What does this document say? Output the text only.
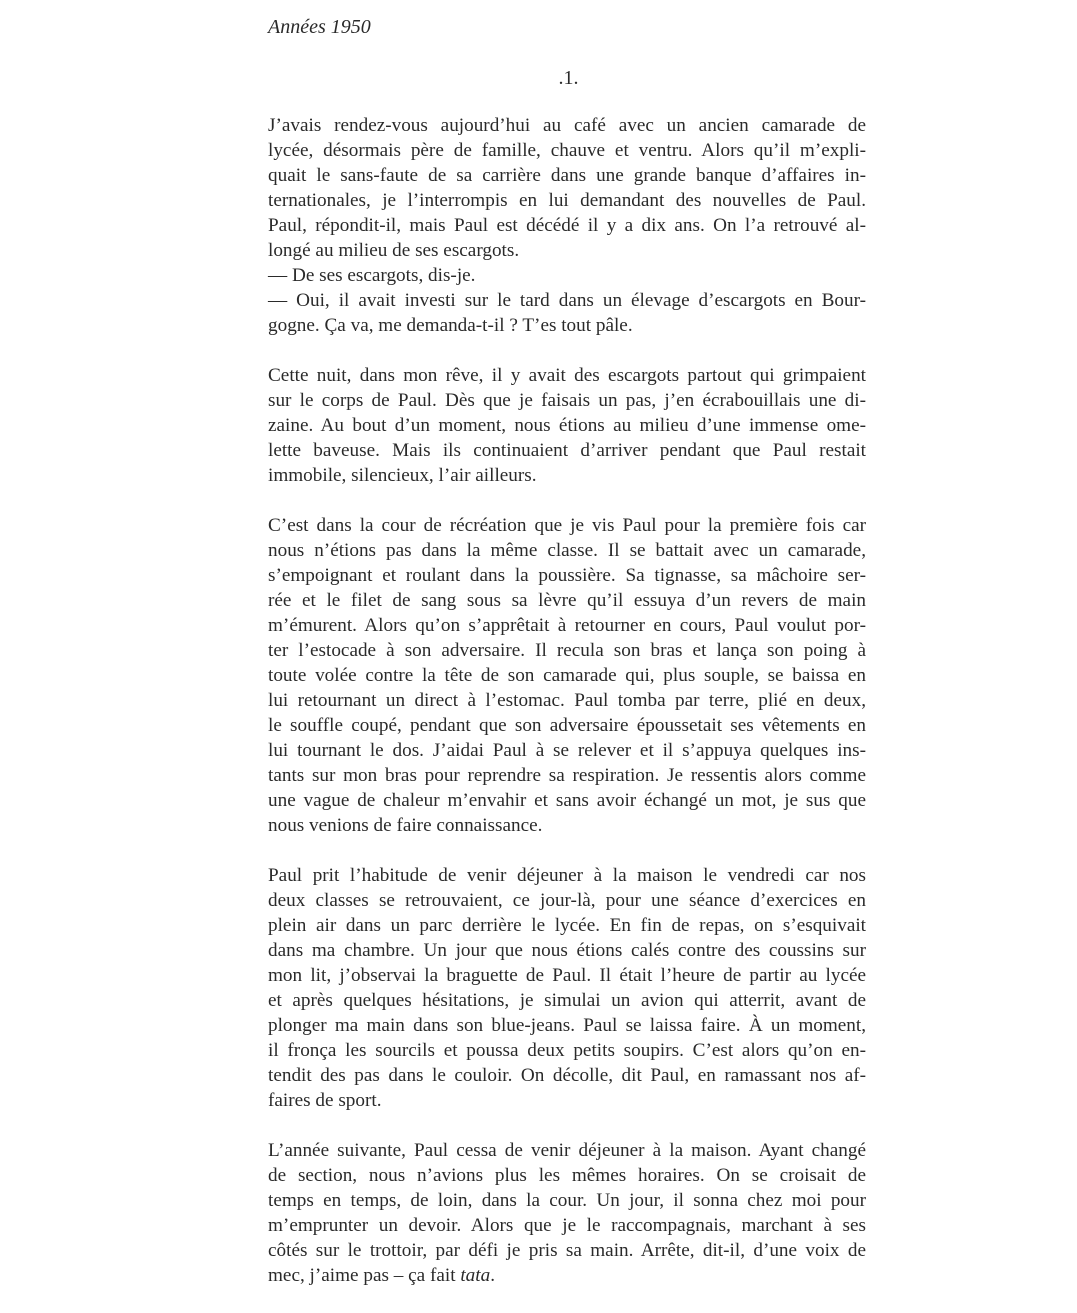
Années 1950
.1.
J’avais rendez-vous aujourd’hui au café avec un ancien camarade de
lycée, désormais père de famille, chauve et ventru. Alors qu’il m’expli-
quait le sans-faute de sa carrière dans une grande banque d’affaires in-
ternationales, je l’interrompis en lui demandant des nouvelles de Paul.
Paul, répondit-il, mais Paul est décédé il y a dix ans. On l’a retrouvé al-
longé au milieu de ses escargots.
— De ses escargots, dis-je.
— Oui, il avait investi sur le tard dans un élevage d’escargots en Bour-
gogne. Ça va, me demanda-t-il ? T’es tout pâle.
Cette nuit, dans mon rêve, il y avait des escargots partout qui grimpaient
sur le corps de Paul. Dès que je faisais un pas, j’en écrabouillais une di-
zaine. Au bout d’un moment, nous étions au milieu d’une immense ome-
lette baveuse. Mais ils continuaient d’arriver pendant que Paul restait
immobile, silencieux, l’air ailleurs.
C’est dans la cour de récréation que je vis Paul pour la première fois car
nous n’étions pas dans la même classe. Il se battait avec un camarade,
s’empoignant et roulant dans la poussière. Sa tignasse, sa mâchoire ser-
rée et le filet de sang sous sa lèvre qu’il essuya d’un revers de main
m’émurent. Alors qu’on s’apprêtait à retourner en cours, Paul voulut por-
ter l’estocade à son adversaire. Il recula son bras et lança son poing à
toute volée contre la tête de son camarade qui, plus souple, se baissa en
lui retournant un direct à l’estomac. Paul tomba par terre, plié en deux,
le souffle coupé, pendant que son adversaire époussetait ses vêtements en
lui tournant le dos. J’aidai Paul à se relever et il s’appuya quelques ins-
tants sur mon bras pour reprendre sa respiration. Je ressentis alors comme
une vague de chaleur m’envahir et sans avoir échangé un mot, je sus que
nous venions de faire connaissance.
Paul prit l’habitude de venir déjeuner à la maison le vendredi car nos
deux classes se retrouvaient, ce jour-là, pour une séance d’exercices en
plein air dans un parc derrière le lycée. En fin de repas, on s’esquivait
dans ma chambre. Un jour que nous étions calés contre des coussins sur
mon lit, j’observai la braguette de Paul. Il était l’heure de partir au lycée
et après quelques hésitations, je simulai un avion qui atterrit, avant de
plonger ma main dans son blue-jeans. Paul se laissa faire. À un moment,
il fronça les sourcils et poussa deux petits soupirs. C’est alors qu’on en-
tendit des pas dans le couloir. On décolle, dit Paul, en ramassant nos af-
faires de sport.
L’année suivante, Paul cessa de venir déjeuner à la maison. Ayant changé
de section, nous n’avions plus les mêmes horaires. On se croisait de
temps en temps, de loin, dans la cour. Un jour, il sonna chez moi pour
m’emprunter un devoir. Alors que je le raccompagnais, marchant à ses
côtés sur le trottoir, par défi je pris sa main. Arrête, dit-il, d’une voix de
mec, j’aime pas – ça fait tata.
